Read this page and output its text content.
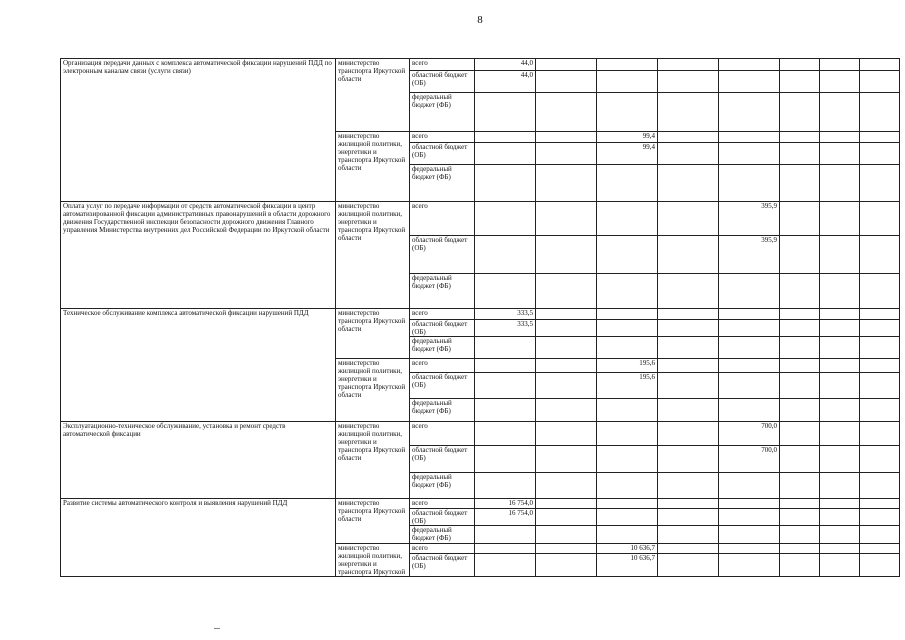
8
Организация передачи данных с комплекса автоматической фиксации нарушений ПДД по электронным каналам связи (услуги связи)	министерство транспорта Иркутской области	всего	44,0							
		областной бюджет (ОБ)	44,0							
		федеральный бюджет (ФБ)								
	министерство жилищной политики, энергетики и транспорта Иркутской области	всего			99,4					
		областной бюджет (ОБ)			99,4					
		федеральный бюджет (ФБ)								
Оплата услуг по передаче информации от средств автоматической фиксации в центр автоматизированной фиксации административных правонарушений в области дорожного движения Государственной инспекции безопасности дорожного движения Главного управления Министерства внутренних дел Российской Федерации по Иркутской области	министерство жилищной политики, энергетики и транспорта Иркутской области	всего					395,9			
		областной бюджет (ОБ)					395,9			
		федеральный бюджет (ФБ)								
Техническое обслуживание комплекса автоматической фиксации нарушений ПДД	министерство транспорта Иркутской области	всего	333,5							
		областной бюджет (ОБ)	333,5							
		федеральный бюджет (ФБ)								
	министерство жилищной политики, энергетики и транспорта Иркутской области	всего			195,6					
		областной бюджет (ОБ)			195,6					
		федеральный бюджет (ФБ)								
Эксплуатационно-техническое обслуживание, установка и ремонт средств автоматической фиксации	министерство жилищной политики, энергетики и транспорта Иркутской области	всего					700,0			
		областной бюджет (ОБ)					700,0			
		федеральный бюджет (ФБ)								
Развитие системы автоматического контроля и выявления нарушений ПДД	министерство транспорта Иркутской области	всего	16 754,0							
		областной бюджет (ОБ)	16 754,0							
		федеральный бюджет (ФБ)								
	министерство жилищной политики, энергетики и транспорта Иркутской	всего			10 636,7					
		областной бюджет (ОБ)			10 636,7					
